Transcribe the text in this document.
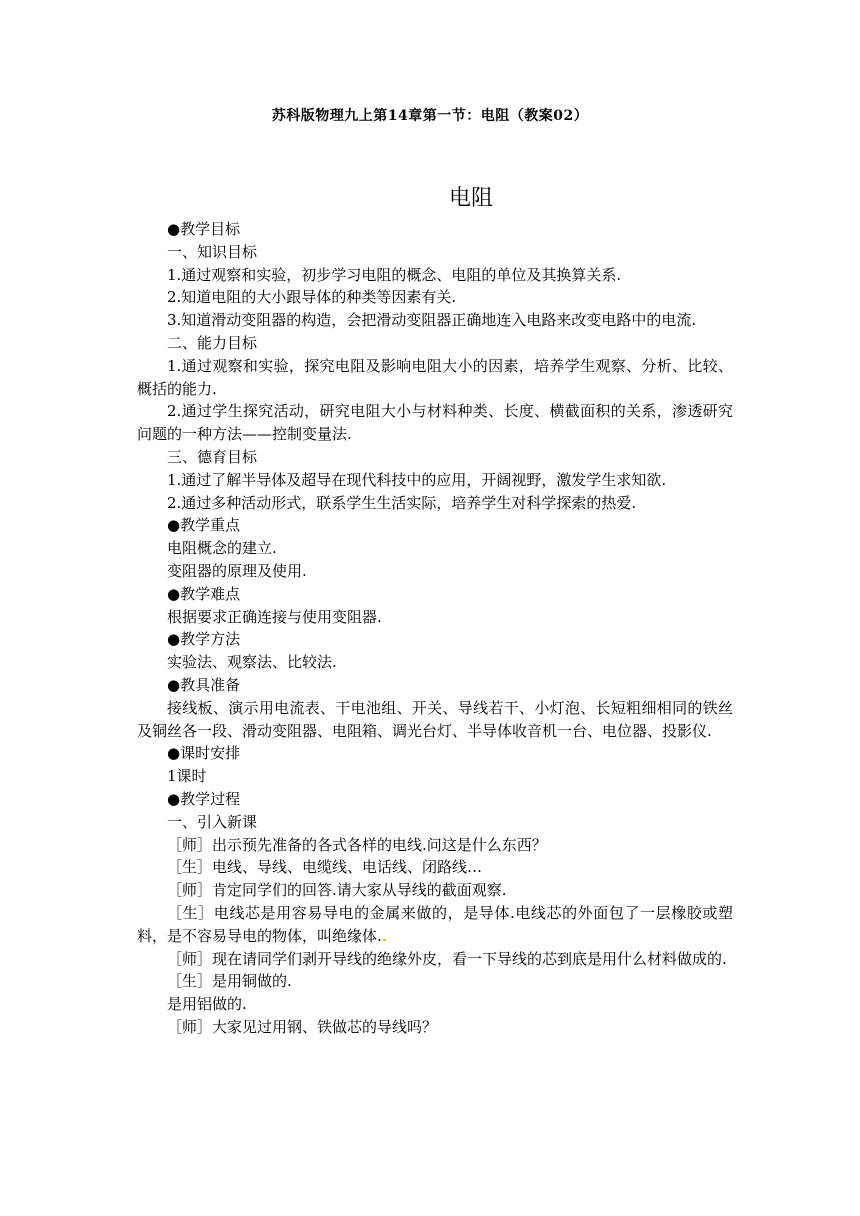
苏科版物理九上第14章第一节：电阻（教案02）
电阻

●教学目标

一、知识目标

1.通过观察和实验，初步学习电阻的概念、电阻的单位及其换算关系.

2.知道电阻的大小跟导体的种类等因素有关.

3.知道滑动变阻器的构造，会把滑动变阻器正确地连入电路来改变电路中的电流.

二、能力目标

1.通过观察和实验，探究电阻及影响电阻大小的因素，培养学生观察、分析、比较、概括的能力.

2.通过学生探究活动，研究电阻大小与材料种类、长度、横截面积的关系，渗透研究问题的一种方法——控制变量法.

三、德育目标

1.通过了解半导体及超导在现代科技中的应用，开阔视野，激发学生求知欲.

2.通过多种活动形式，联系学生生活实际，培养学生对科学探索的热爱.

●教学重点

电阻概念的建立.

变阻器的原理及使用.

●教学难点

根据要求正确连接与使用变阻器.

●教学方法

实验法、观察法、比较法.

●教具准备

接线板、演示用电流表、干电池组、开关、导线若干、小灯泡、长短粗细相同的铁丝及铜丝各一段、滑动变阻器、电阻箱、调光台灯、半导体收音机一台、电位器、投影仪.

●课时安排

1课时

●教学过程

一、引入新课

［师］出示预先准备的各式各样的电线.问这是什么东西？

［生］电线、导线、电缆线、电话线、闭路线…

［师］肯定同学们的回答.请大家从导线的截面观察.

［生］电线芯是用容易导电的金属来做的，是导体.电线芯的外面包了一层橡胶或塑料，是不容易导电的物体，叫绝缘体.

［师］现在请同学们剥开导线的绝缘外皮，看一下导线的芯到底是用什么材料做成的.

［生］是用铜做的.

是用铝做的.

［师］大家见过用钢、铁做芯的导线吗？
